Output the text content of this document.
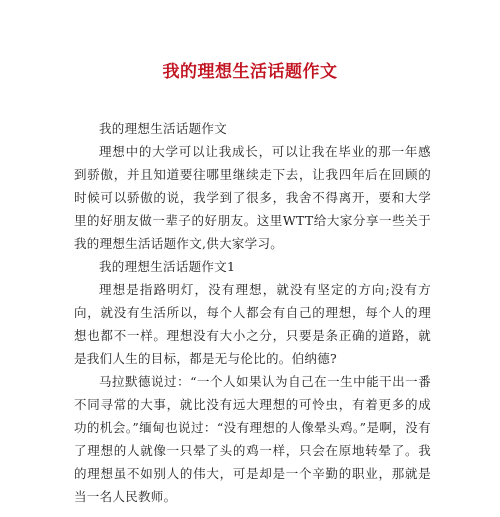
我的理想生活话题作文

我的理想生活话题作文

理想中的大学可以让我成长，可以让我在毕业的那一年感到骄傲，并且知道要往哪里继续走下去，让我四年后在回顾的时候可以骄傲的说，我学到了很多，我舍不得离开，要和大学里的好朋友做一辈子的好朋友。这里WTT给大家分享一些关于我的理想生活话题作文,供大家学习。

我的理想生活话题作文1

理想是指路明灯，没有理想，就没有坚定的方向;没有方向，就没有生活所以，每个人都会有自己的理想，每个人的理想也都不一样。理想没有大小之分，只要是条正确的道路，就是我们人生的目标，都是无与伦比的。伯纳德?

马拉默德说过：“一个人如果认为自己在一生中能干出一番不同寻常的大事，就比没有远大理想的可怜虫，有着更多的成功的机会。”缅甸也说过：“没有理想的人像晕头鸡。”是啊，没有了理想的人就像一只晕了头的鸡一样，只会在原地转晕了。我的理想虽不如别人的伟大，可是却是一个辛勤的职业，那就是当一名人民教师。
